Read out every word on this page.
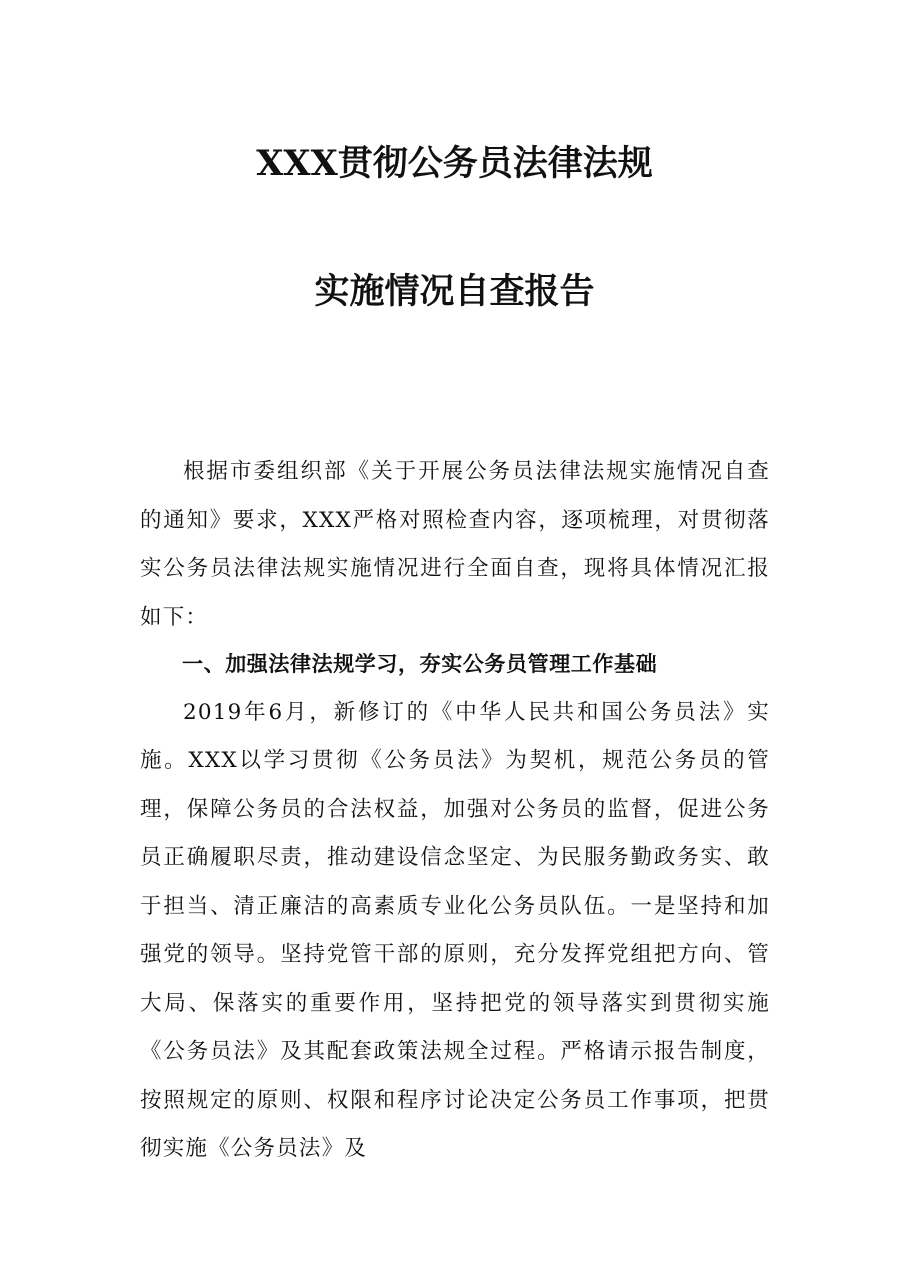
XXX贯彻公务员法律法规
实施情况自查报告

根据市委组织部《关于开展公务员法律法规实施情况自查的通知》要求，XXX严格对照检查内容，逐项梳理，对贯彻落实公务员法律法规实施情况进行全面自查，现将具体情况汇报如下：

一、加强法律法规学习，夯实公务员管理工作基础

2019年6月，新修订的《中华人民共和国公务员法》实施。XXX以学习贯彻《公务员法》为契机，规范公务员的管理，保障公务员的合法权益，加强对公务员的监督，促进公务员正确履职尽责，推动建设信念坚定、为民服务勤政务实、敢于担当、清正廉洁的高素质专业化公务员队伍。一是坚持和加强党的领导。坚持党管干部的原则，充分发挥党组把方向、管大局、保落实的重要作用，坚持把党的领导落实到贯彻实施《公务员法》及其配套政策法规全过程。严格请示报告制度，按照规定的原则、权限和程序讨论决定公务员工作事项，把贯彻实施《公务员法》及
